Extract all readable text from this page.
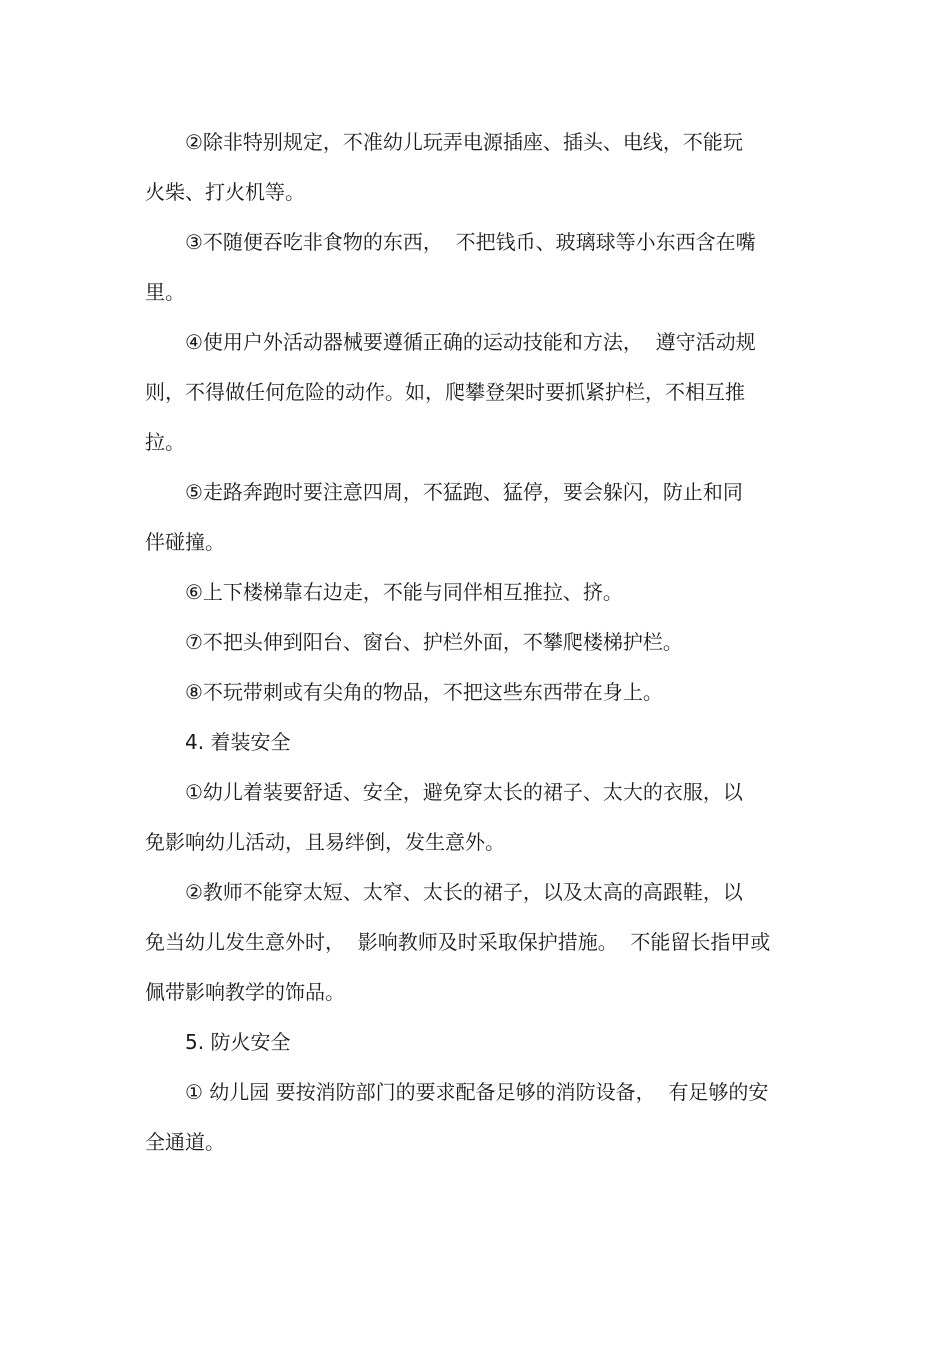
②除非特别规定，不准幼儿玩弄电源插座、插头、电线，不能玩
火柴、打火机等。
③不随便吞吃非食物的东西，  不把钱币、玻璃球等小东西含在嘴
里。
④使用户外活动器械要遵循正确的运动技能和方法，  遵守活动规
则，不得做任何危险的动作。如，爬攀登架时要抓紧护栏，不相互推
拉。
⑤走路奔跑时要注意四周，不猛跑、猛停，要会躲闪，防止和同
伴碰撞。
⑥上下楼梯靠右边走，不能与同伴相互推拉、挤。
⑦不把头伸到阳台、窗台、护栏外面，不攀爬楼梯护栏。
⑧不玩带刺或有尖角的物品，不把这些东西带在身上。
4. 着装安全
①幼儿着装要舒适、安全，避免穿太长的裙子、太大的衣服，以
免影响幼儿活动，且易绊倒，发生意外。
②教师不能穿太短、太窄、太长的裙子，以及太高的高跟鞋，以
免当幼儿发生意外时，  影响教师及时采取保护措施。  不能留长指甲或
佩带影响教学的饰品。
5. 防火安全
① 幼儿园 要按消防部门的要求配备足够的消防设备，  有足够的安
全通道。
